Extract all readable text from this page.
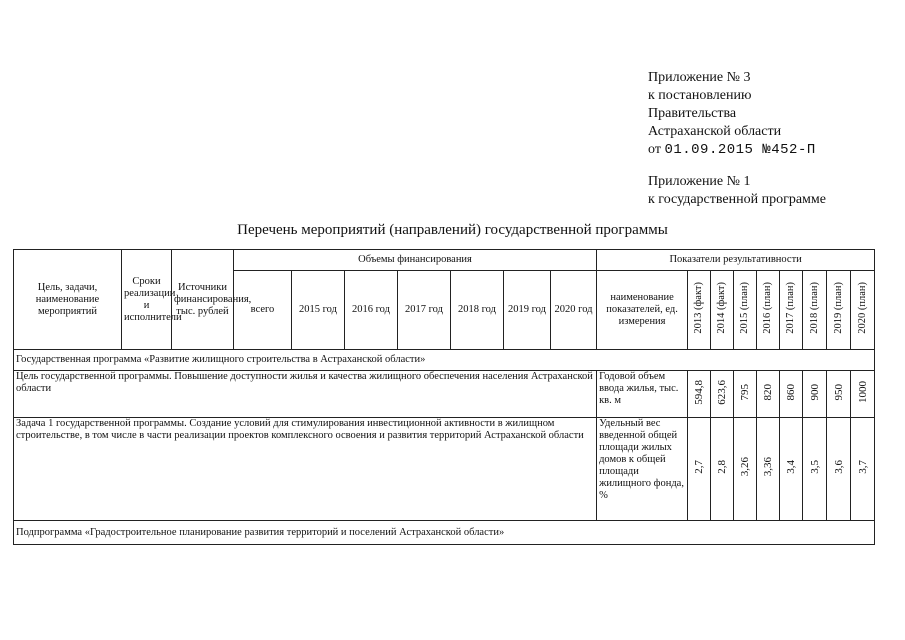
Приложение № 3
к постановлению
Правительства
Астраханской области
от 01.09.2015 №452-П
Приложение № 1
к государственной программе
Перечень мероприятий (направлений) государственной программы
Цель, задачи, наименование мероприятий	Сроки реализации и исполнители	Источники финансирования, тыс. рублей	Объемы финансирования							Показатели результативности								
			всего	2015 год	2016 год	2017 год	2018 год	2019 год	2020 год	наименование показателей, ед. измерения	2013 (факт)	2014 (факт)	2015 (план)	2016 (план)	2017 (план)	2018 (план)	2019 (план)	2020 (план)
Государственная программа «Развитие жилищного строительства в Астраханской области»																		
Цель государственной программы. Повышение доступности жилья и качества жилищного обеспечения населения Астраханской области										Годовой объем ввода жилья, тыс. кв. м	594,8	623,6	795	820	860	900	950	1000
Задача 1 государственной программы. Создание условий для стимулирования инвестиционной активности в жилищном строительстве, в том числе в части реализации проектов комплексного освоения и развития территорий Астраханской области										Удельный вес введенной общей площади жилых домов к общей площади жилищного фонда, %	2,7	2,8	3,26	3,36	3,4	3,5	3,6	3,7
Подпрограмма «Градостроительное планирование развития территорий и поселений Астраханской области»																		
